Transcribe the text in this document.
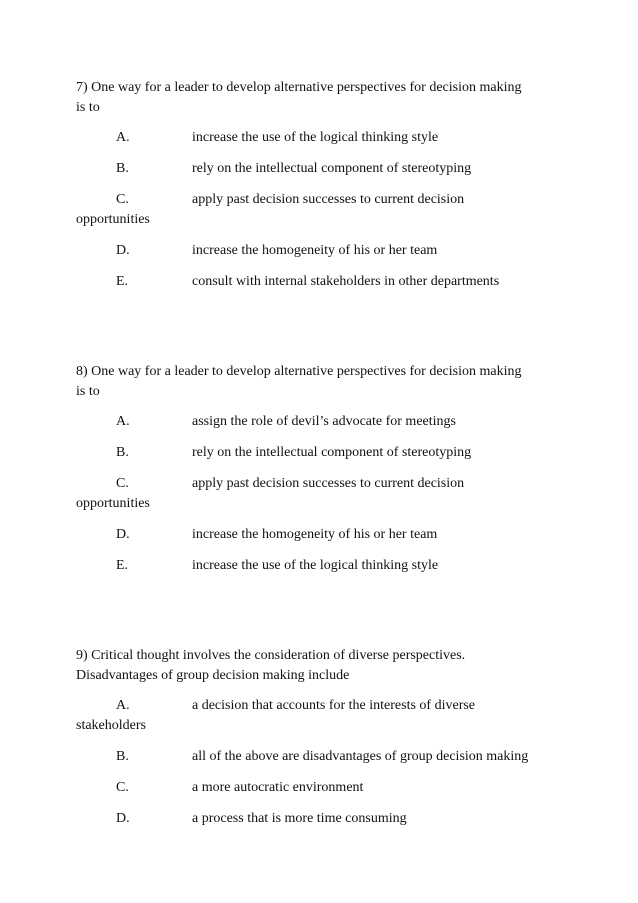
7) One way for a leader to develop alternative perspectives for decision making
is to
A.	increase the use of the logical thinking style
B.	rely on the intellectual component of stereotyping
C.	apply past decision successes to current decision
opportunities
D.	increase the homogeneity of his or her team
E.	consult with internal stakeholders in other departments
8) One way for a leader to develop alternative perspectives for decision making
is to
A.	assign the role of devil’s advocate for meetings
B.	rely on the intellectual component of stereotyping
C.	apply past decision successes to current decision
opportunities
D.	increase the homogeneity of his or her team
E.	increase the use of the logical thinking style
9) Critical thought involves the consideration of diverse perspectives.
Disadvantages of group decision making include
A.	a decision that accounts for the interests of diverse
stakeholders
B.	all of the above are disadvantages of group decision making
C.	a more autocratic environment
D.	a process that is more time consuming
